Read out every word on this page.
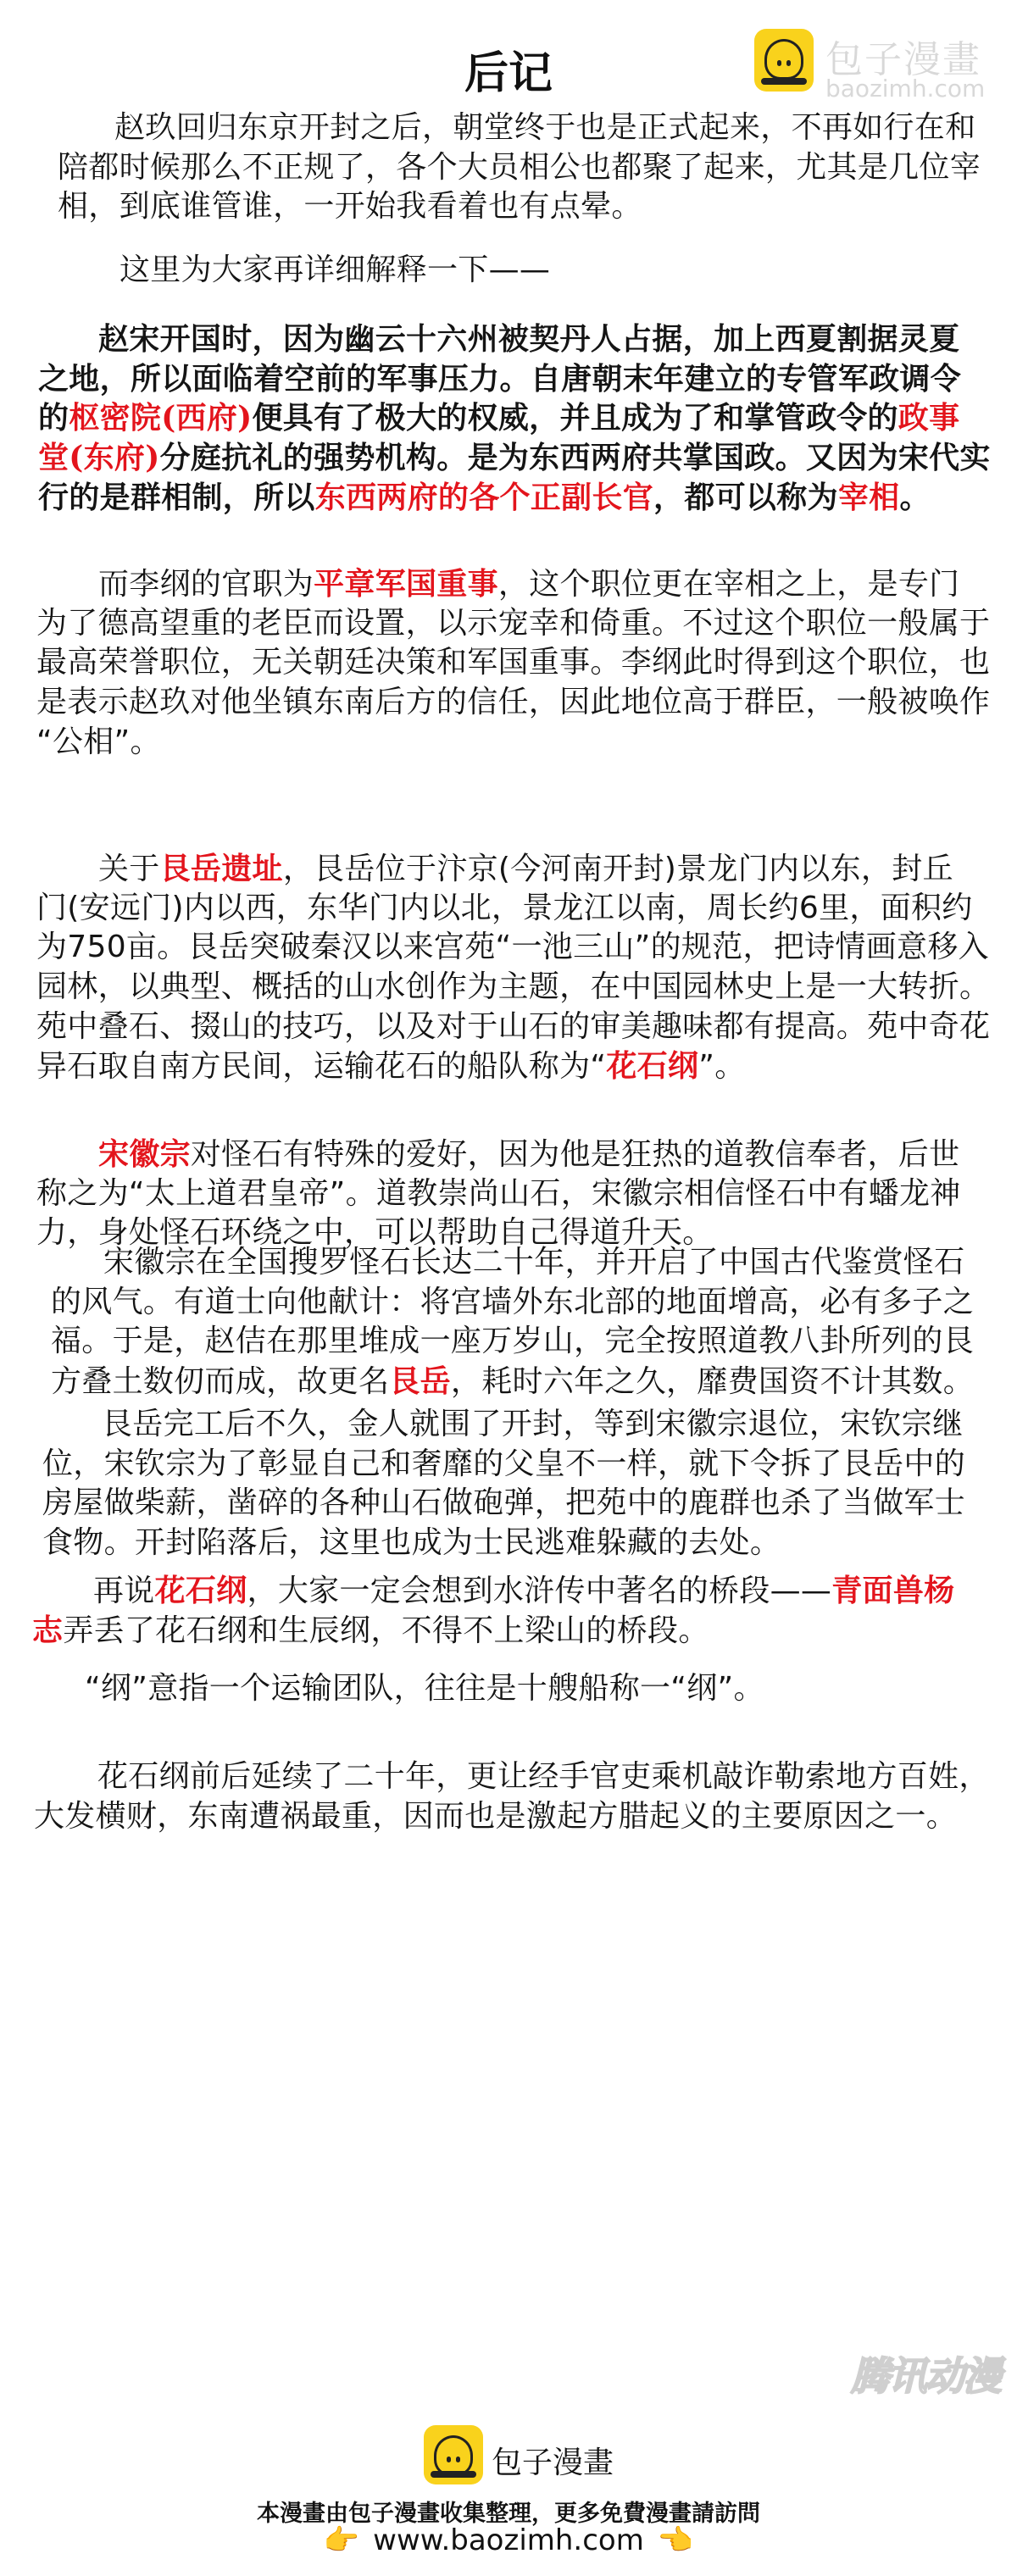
后记	包子漫畫
baozimh.com
赵玖回归东京开封之后，朝堂终于也是正式起来，不再如行在和
陪都时候那么不正规了，各个大员相公也都聚了起来，尤其是几位宰
相，到底谁管谁，一开始我看着也有点晕。
这里为大家再详细解释一下——
赵宋开国时，因为幽云十六州被契丹人占据，加上西夏割据灵夏
之地，所以面临着空前的军事压力。自唐朝末年建立的专管军政调令
的枢密院(西府)便具有了极大的权威，并且成为了和掌管政令的政事
堂(东府)分庭抗礼的强势机构。是为东西两府共掌国政。又因为宋代实
行的是群相制，所以东西两府的各个正副长官，都可以称为宰相。
而李纲的官职为平章军国重事，这个职位更在宰相之上，是专门
为了德高望重的老臣而设置，以示宠幸和倚重。不过这个职位一般属于
最高荣誉职位，无关朝廷决策和军国重事。李纲此时得到这个职位，也
是表示赵玖对他坐镇东南后方的信任，因此地位高于群臣，一般被唤作
“公相”。
关于艮岳遗址，艮岳位于汴京(今河南开封)景龙门内以东，封丘
门(安远门)内以西，东华门内以北，景龙江以南，周长约6里，面积约
为750亩。艮岳突破秦汉以来宫苑“一池三山”的规范，把诗情画意移入
园林，以典型、概括的山水创作为主题，在中国园林史上是一大转折。
苑中叠石、掇山的技巧，以及对于山石的审美趣味都有提高。苑中奇花
异石取自南方民间，运输花石的船队称为“花石纲”。
宋徽宗对怪石有特殊的爱好，因为他是狂热的道教信奉者，后世
称之为“太上道君皇帝”。道教崇尚山石，宋徽宗相信怪石中有蟠龙神
力，身处怪石环绕之中，可以帮助自己得道升天。
宋徽宗在全国搜罗怪石长达二十年，并开启了中国古代鉴赏怪石
的风气。有道士向他献计：将宫墙外东北部的地面增高，必有多子之
福。于是，赵佶在那里堆成一座万岁山，完全按照道教八卦所列的艮
方叠土数仞而成，故更名艮岳，耗时六年之久，靡费国资不计其数。
艮岳完工后不久，金人就围了开封，等到宋徽宗退位，宋钦宗继
位，宋钦宗为了彰显自己和奢靡的父皇不一样，就下令拆了艮岳中的
房屋做柴薪，凿碎的各种山石做砲弹，把苑中的鹿群也杀了当做军士
食物。开封陷落后，这里也成为士民逃难躲藏的去处。
再说花石纲，大家一定会想到水浒传中著名的桥段——青面兽杨
志弄丢了花石纲和生辰纲，不得不上梁山的桥段。
“纲”意指一个运输团队，往往是十艘船称一“纲”。
花石纲前后延续了二十年，更让经手官吏乘机敲诈勒索地方百姓，
大发横财，东南遭祸最重，因而也是激起方腊起义的主要原因之一。
腾讯动漫
包子漫畫
本漫畫由包子漫畫收集整理，更多免費漫畫請訪問
👉 www.baozimh.com 👈
